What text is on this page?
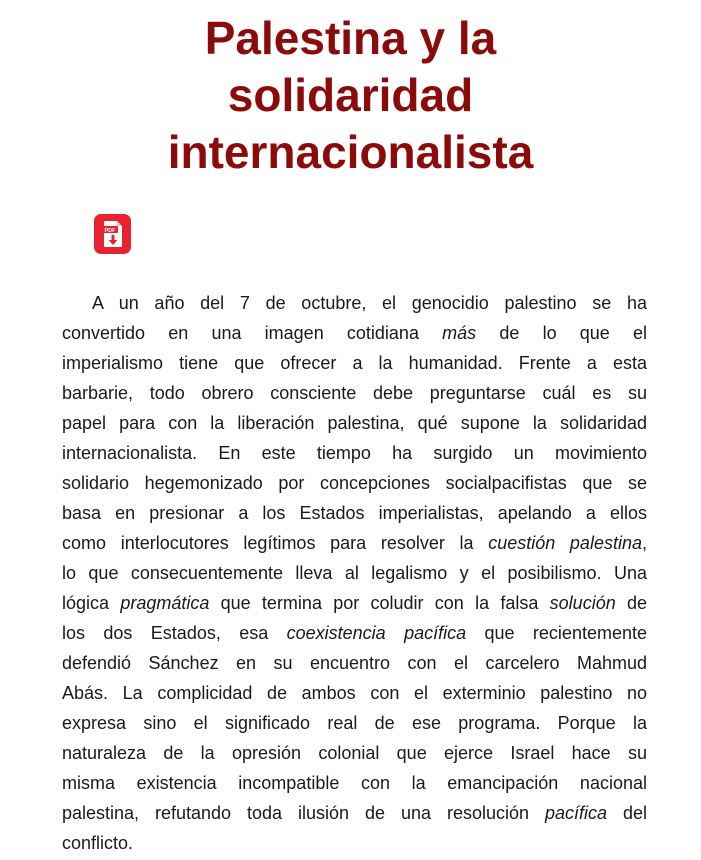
Palestina y la
solidaridad
internacionalista
PDF

A un año del 7 de octubre, el genocidio palestino se ha
convertido en una imagen cotidiana más de lo que el
imperialismo tiene que ofrecer a la humanidad. Frente a esta
barbarie, todo obrero consciente debe preguntarse cuál es su
papel para con la liberación palestina, qué supone la solidaridad
internacionalista. En este tiempo ha surgido un movimiento
solidario hegemonizado por concepciones socialpacifistas que se
basa en presionar a los Estados imperialistas, apelando a ellos
como interlocutores legítimos para resolver la cuestión palestina,
lo que consecuentemente lleva al legalismo y el posibilismo. Una
lógica pragmática que termina por coludir con la falsa solución de
los dos Estados, esa coexistencia pacífica que recientemente
defendió Sánchez en su encuentro con el carcelero Mahmud
Abás. La complicidad de ambos con el exterminio palestino no
expresa sino el significado real de ese programa. Porque la
naturaleza de la opresión colonial que ejerce Israel hace su
misma existencia incompatible con la emancipación nacional
palestina, refutando toda ilusión de una resolución pacífica del
conflicto.
